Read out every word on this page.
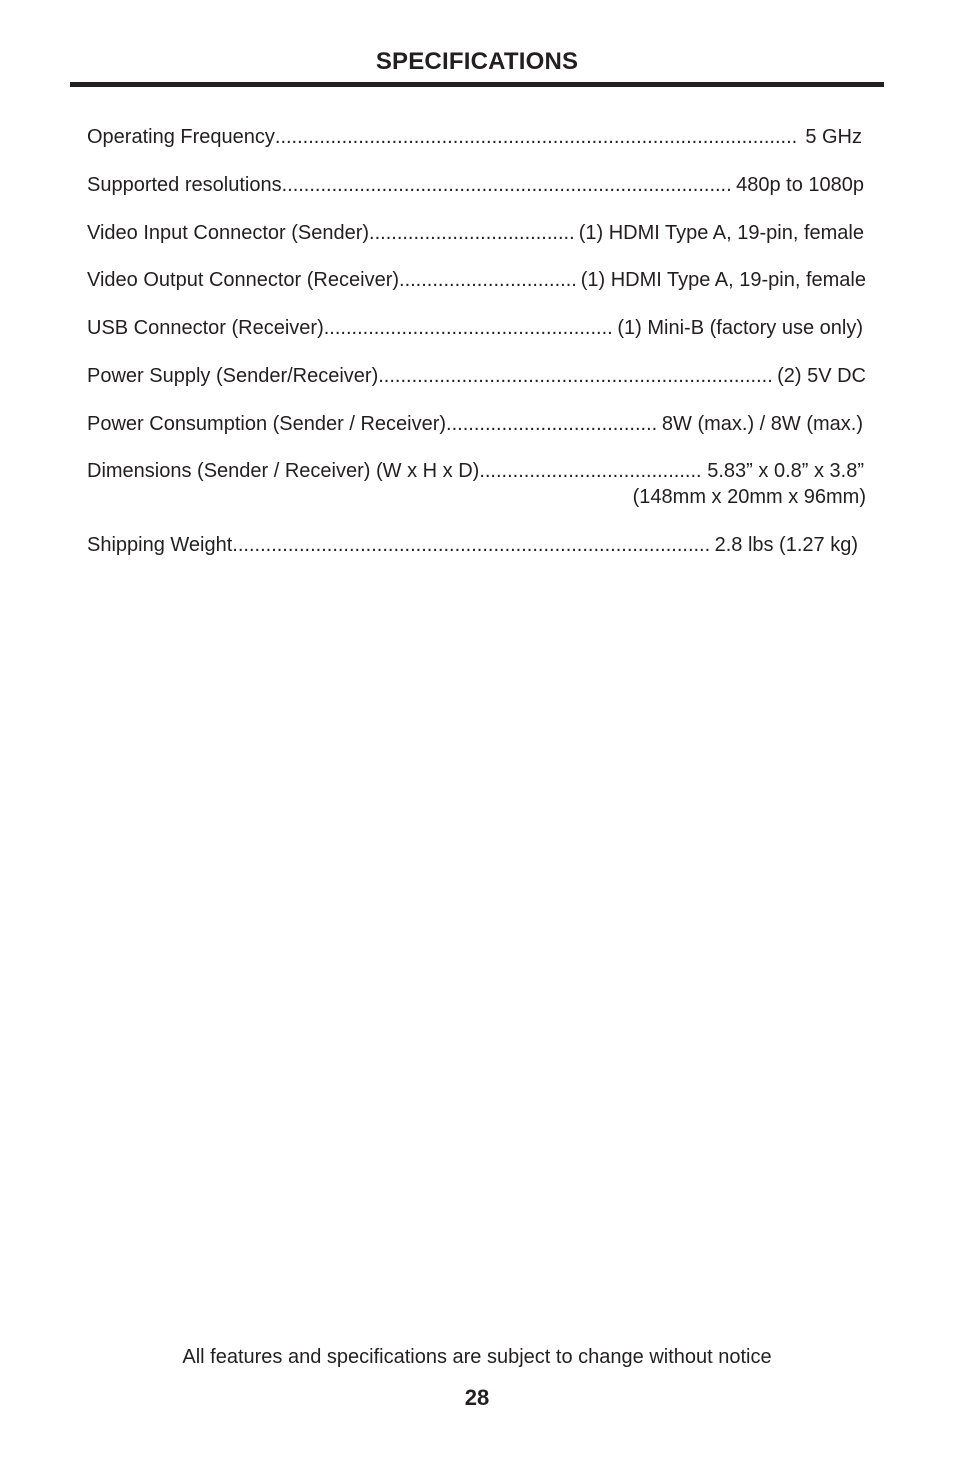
SPECIFICATIONS
Operating Frequency .....	5 GHz
Supported resolutions .....	480p to 1080p
Video Input Connector (Sender) .....	(1) HDMI Type A, 19-pin, female
Video Output Connector (Receiver) .....	(1) HDMI Type A, 19-pin, female
USB Connector (Receiver) .....	(1) Mini-B (factory use only)
Power Supply (Sender/Receiver) .....	(2) 5V DC
Power Consumption (Sender / Receiver) .....	8W (max.) / 8W (max.)
Dimensions (Sender / Receiver) (W x H x D) .....	5.83” x 0.8” x 3.8”
(148mm x 20mm x 96mm)
Shipping Weight .....	2.8 lbs (1.27 kg)
All features and specifications are subject to change without notice
28
